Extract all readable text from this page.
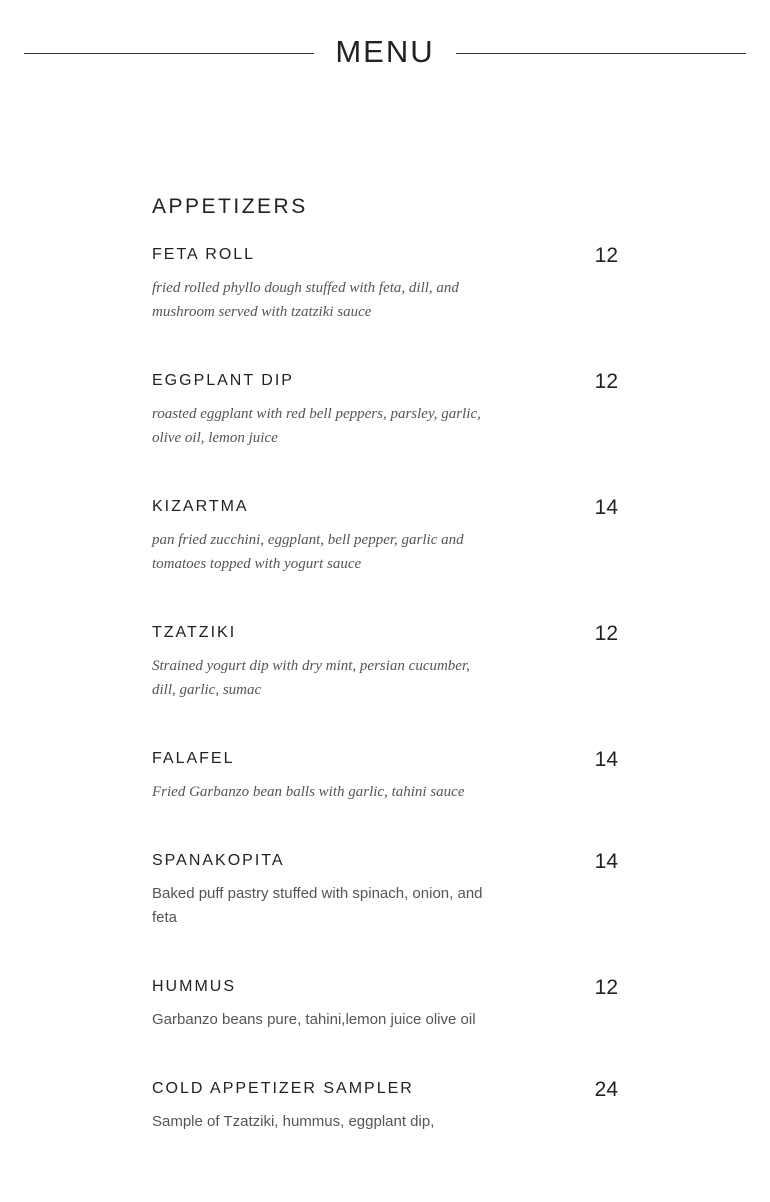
MENU
APPETIZERS
FETA ROLL	12
fried rolled phyllo dough stuffed with feta, dill, and mushroom served with tzatziki sauce
EGGPLANT DIP	12
roasted eggplant with red bell peppers, parsley, garlic, olive oil, lemon juice
KIZARTMA	14
pan fried zucchini, eggplant, bell pepper, garlic and tomatoes topped with yogurt sauce
TZATZIKI	12
Strained yogurt dip with dry mint, persian cucumber, dill, garlic, sumac
FALAFEL	14
Fried Garbanzo bean balls with garlic, tahini sauce
SPANAKOPITA	14
Baked puff pastry stuffed with spinach, onion, and feta
HUMMUS	12
Garbanzo beans pure, tahini,lemon juice olive oil
COLD APPETIZER SAMPLER	24
Sample of Tzatziki, hummus, eggplant dip,
